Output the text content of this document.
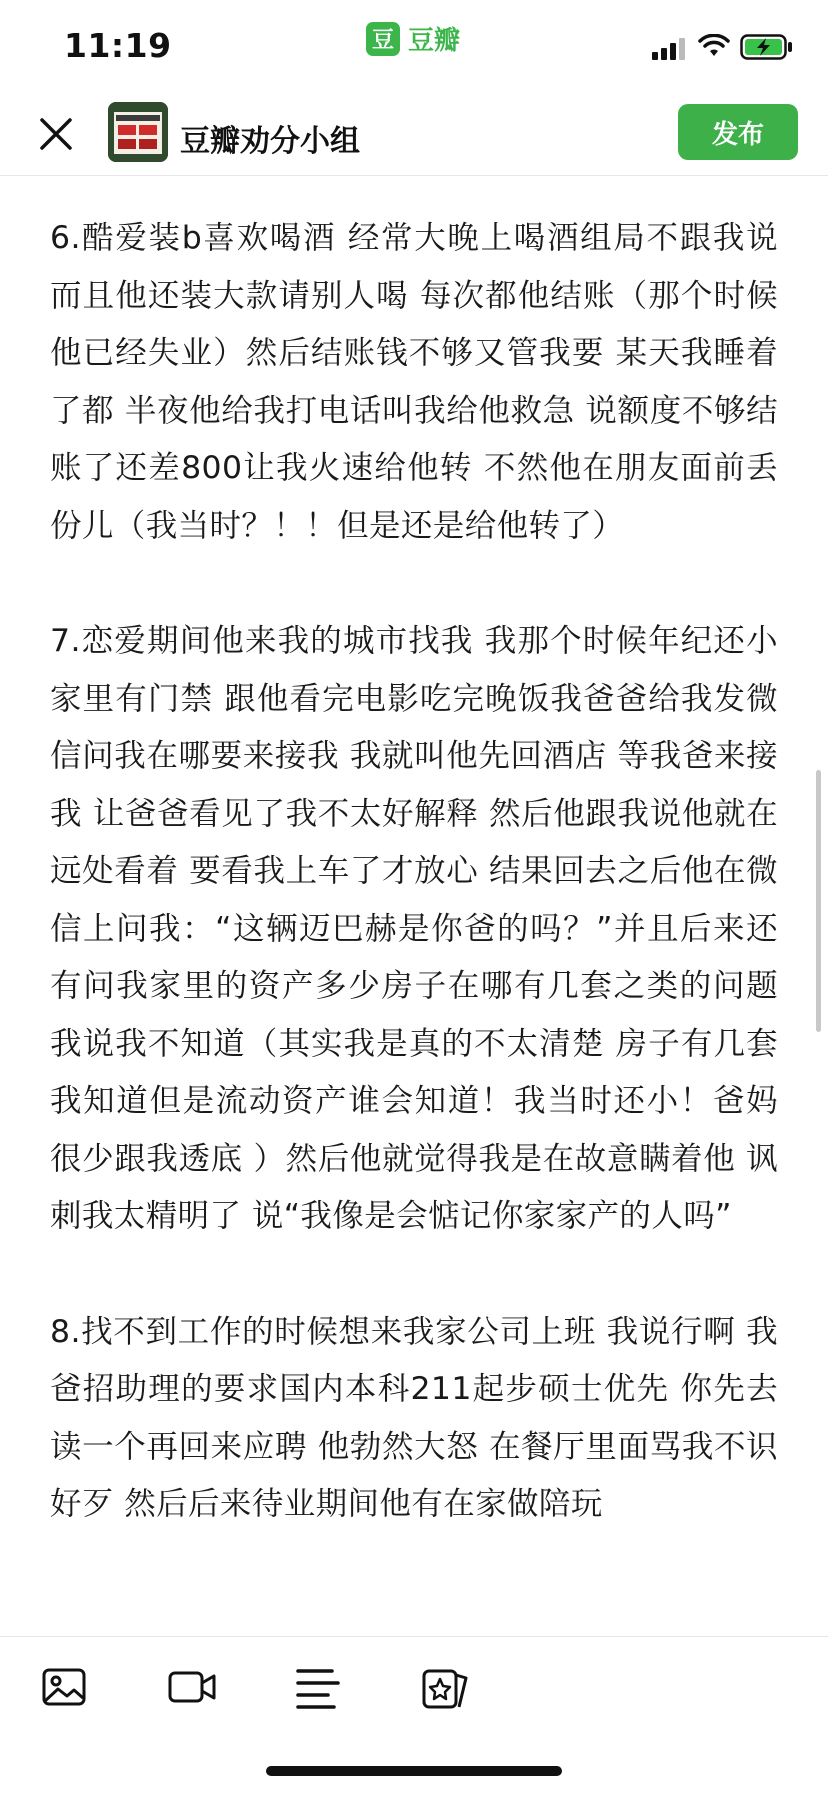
11:19	豆 豆瓣
豆瓣劝分小组	发布

6.酷爱装b喜欢喝酒 经常大晚上喝酒组局不跟我说 而且他还装大款请别人喝 每次都他结账（那个时候他已经失业）然后结账钱不够又管我要 某天我睡着了都 半夜他给我打电话叫我给他救急 说额度不够结账了还差800让我火速给他转 不然他在朋友面前丢份儿（我当时？！！但是还是给他转了）

7.恋爱期间他来我的城市找我 我那个时候年纪还小家里有门禁 跟他看完电影吃完晚饭我爸爸给我发微信问我在哪要来接我 我就叫他先回酒店 等我爸来接我 让爸爸看见了我不太好解释 然后他跟我说他就在远处看着 要看我上车了才放心 结果回去之后他在微信上问我：“这辆迈巴赫是你爸的吗？”并且后来还有问我家里的资产多少房子在哪有几套之类的问题 我说我不知道（其实我是真的不太清楚 房子有几套我知道但是流动资产谁会知道！我当时还小！爸妈很少跟我透底 ）然后他就觉得我是在故意瞒着他 讽刺我太精明了 说“我像是会惦记你家家产的人吗”

8.找不到工作的时候想来我家公司上班 我说行啊 我爸招助理的要求国内本科211起步硕士优先 你先去读一个再回来应聘 他勃然大怒 在餐厅里面骂我不识好歹 然后后来待业期间他有在家做陪玩
